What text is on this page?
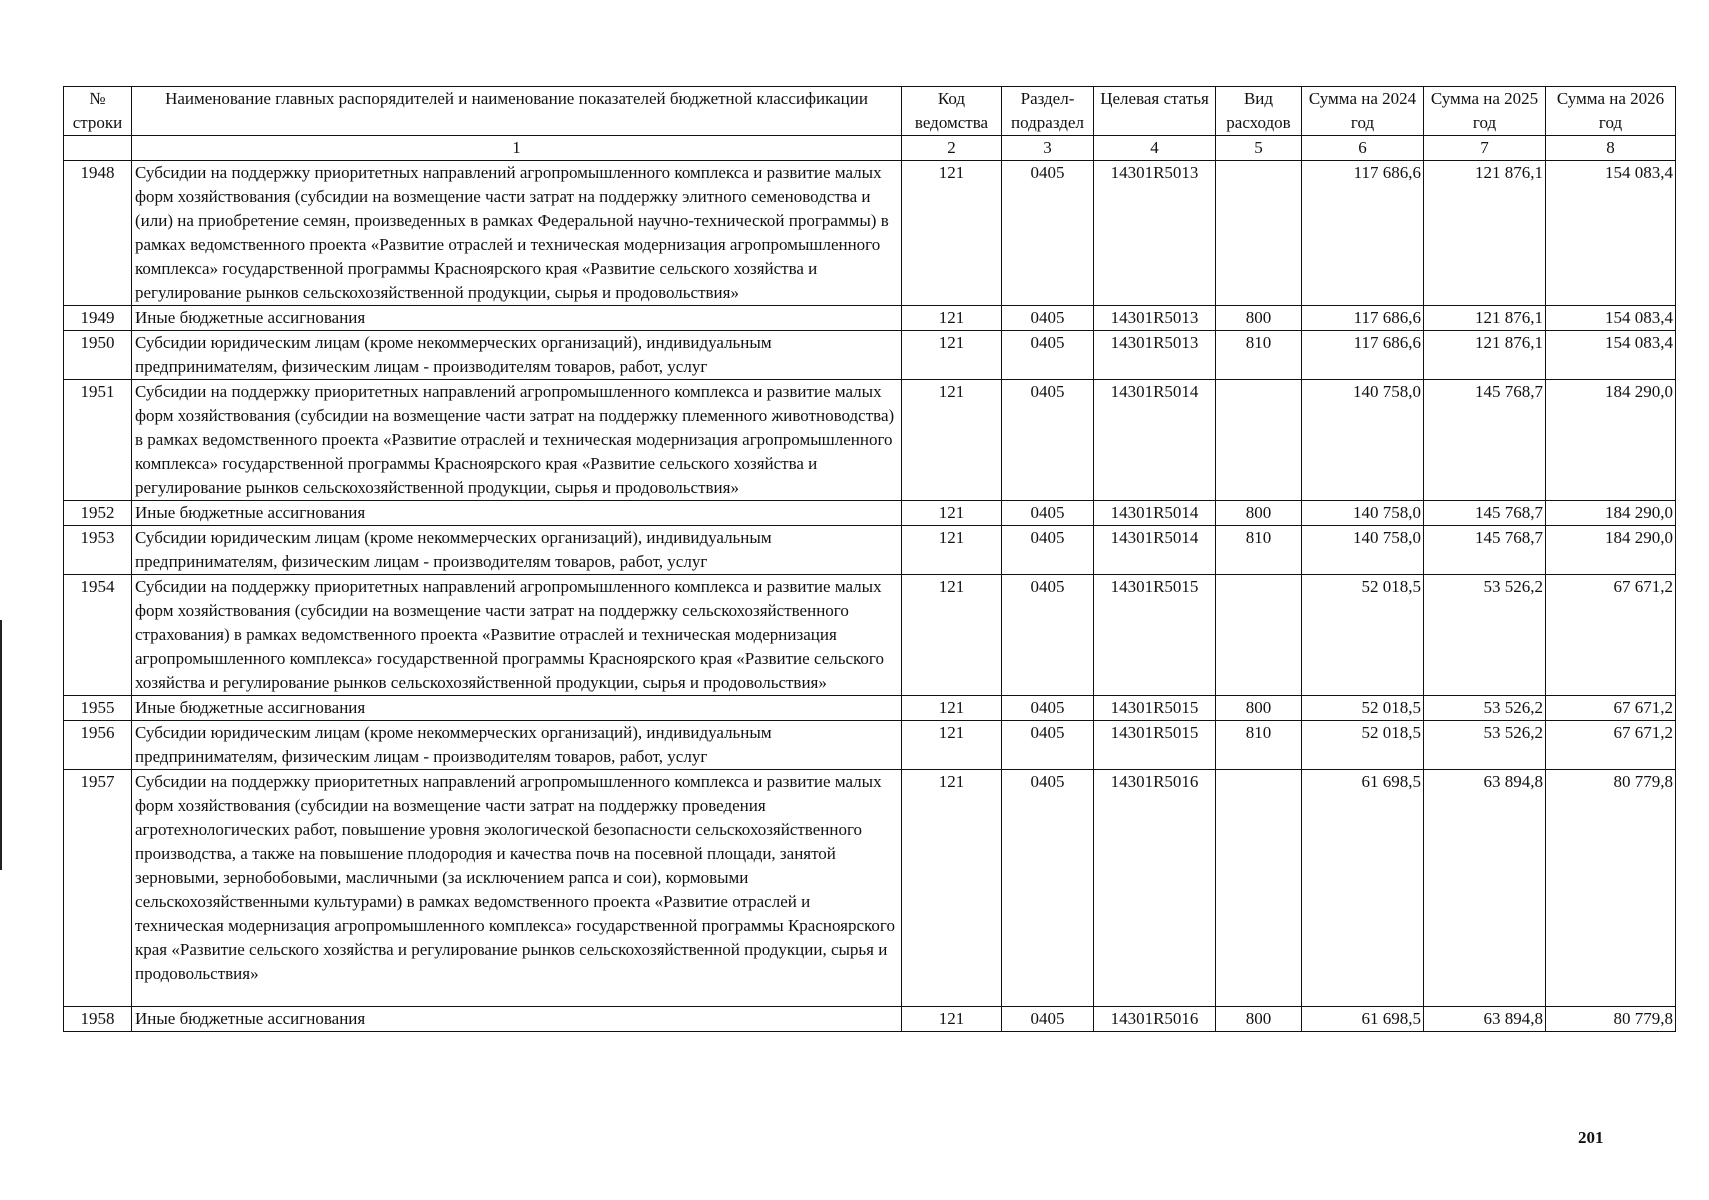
№ строки	Наименование главных распорядителей и наименование показателей бюджетной классификации	Код ведомства	Раздел-подраздел	Целевая статья	Вид расходов	Сумма на 2024 год	Сумма на 2025 год	Сумма на 2026 год
	1	2	3	4	5	6	7	8
1948	Субсидии на поддержку приоритетных направлений агропромышленного комплекса и развитие малых форм хозяйствования (субсидии на возмещение части затрат на поддержку элитного семеноводства и (или) на приобретение семян, произведенных в рамках Федеральной научно-технической программы) в рамках ведомственного проекта «Развитие отраслей и техническая модернизация агропромышленного комплекса» государственной программы Красноярского края «Развитие сельского хозяйства и регулирование рынков сельскохозяйственной продукции, сырья и продовольствия»	121	0405	14301R5013		117 686,6	121 876,1	154 083,4
1949	Иные бюджетные ассигнования	121	0405	14301R5013	800	117 686,6	121 876,1	154 083,4
1950	Субсидии юридическим лицам (кроме некоммерческих организаций), индивидуальным предпринимателям, физическим лицам - производителям товаров, работ, услуг	121	0405	14301R5013	810	117 686,6	121 876,1	154 083,4
1951	Субсидии на поддержку приоритетных направлений агропромышленного комплекса и развитие малых форм хозяйствования (субсидии на возмещение части затрат на поддержку племенного животноводства) в рамках ведомственного проекта «Развитие отраслей и техническая модернизация агропромышленного комплекса» государственной программы Красноярского края «Развитие сельского хозяйства и регулирование рынков сельскохозяйственной продукции, сырья и продовольствия»	121	0405	14301R5014		140 758,0	145 768,7	184 290,0
1952	Иные бюджетные ассигнования	121	0405	14301R5014	800	140 758,0	145 768,7	184 290,0
1953	Субсидии юридическим лицам (кроме некоммерческих организаций), индивидуальным предпринимателям, физическим лицам - производителям товаров, работ, услуг	121	0405	14301R5014	810	140 758,0	145 768,7	184 290,0
1954	Субсидии на поддержку приоритетных направлений агропромышленного комплекса и развитие малых форм хозяйствования (субсидии на возмещение части затрат на поддержку сельскохозяйственного страхования) в рамках ведомственного проекта «Развитие отраслей и техническая модернизация агропромышленного комплекса» государственной программы Красноярского края «Развитие сельского хозяйства и регулирование рынков сельскохозяйственной продукции, сырья и продовольствия»	121	0405	14301R5015		52 018,5	53 526,2	67 671,2
1955	Иные бюджетные ассигнования	121	0405	14301R5015	800	52 018,5	53 526,2	67 671,2
1956	Субсидии юридическим лицам (кроме некоммерческих организаций), индивидуальным предпринимателям, физическим лицам - производителям товаров, работ, услуг	121	0405	14301R5015	810	52 018,5	53 526,2	67 671,2
1957	Субсидии на поддержку приоритетных направлений агропромышленного комплекса и развитие малых форм хозяйствования (субсидии на возмещение части затрат на поддержку проведения агротехнологических работ, повышение уровня экологической безопасности сельскохозяйственного производства, а также на повышение плодородия и качества почв на посевной площади, занятой зерновыми, зернобобовыми, масличными (за исключением рапса и сои), кормовыми сельскохозяйственными культурами) в рамках ведомственного проекта «Развитие отраслей и техническая модернизация агропромышленного комплекса» государственной программы Красноярского края «Развитие сельского хозяйства и регулирование рынков сельскохозяйственной продукции, сырья и продовольствия»	121	0405	14301R5016		61 698,5	63 894,8	80 779,8
1958	Иные бюджетные ассигнования	121	0405	14301R5016	800	61 698,5	63 894,8	80 779,8
201
